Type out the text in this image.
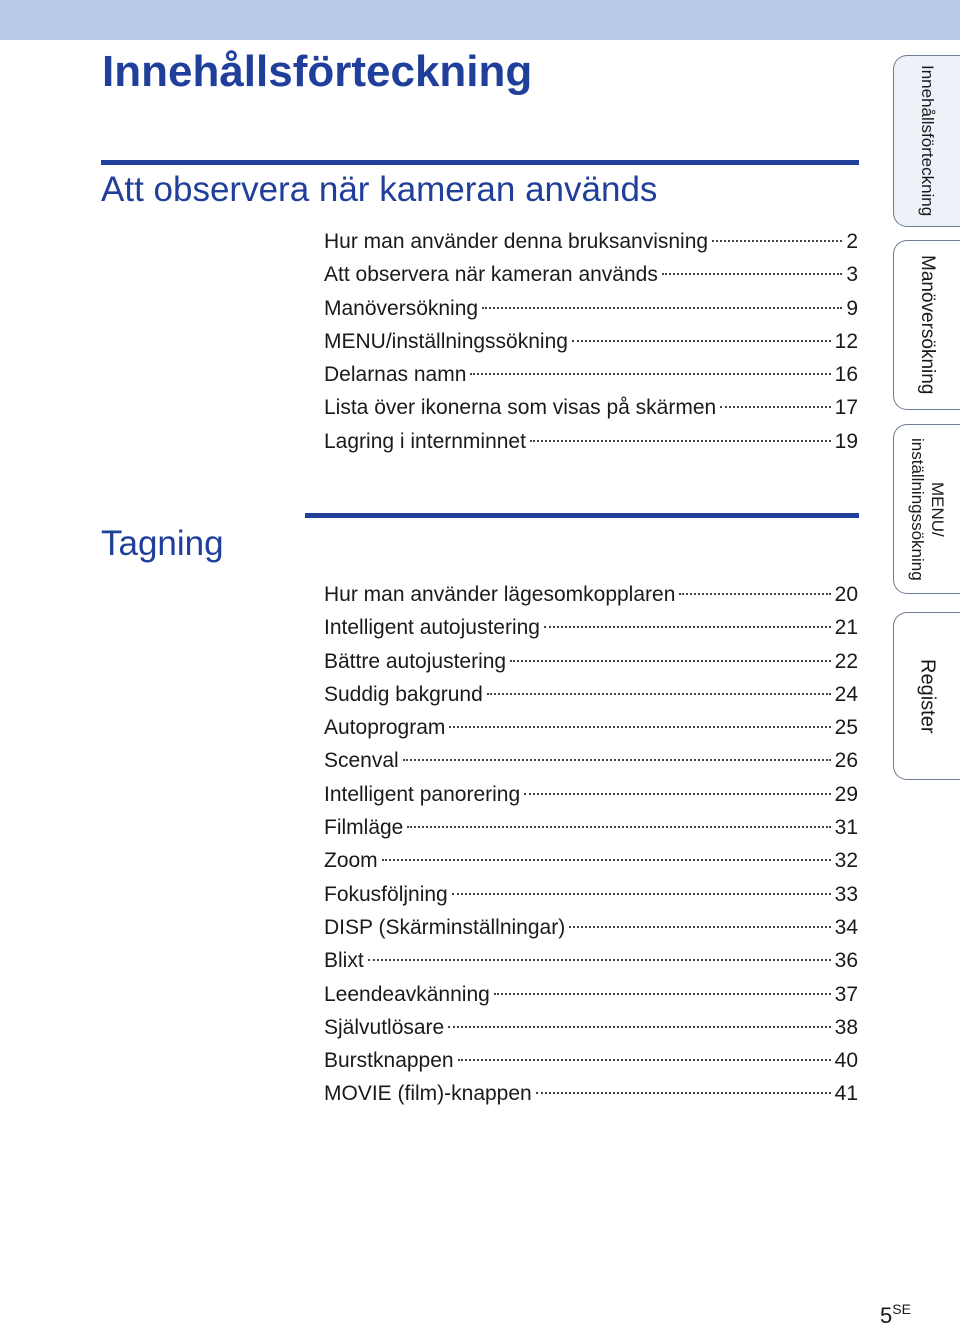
Innehållsförteckning
Att observera när kameran används
Hur man använder denna bruksanvisning	2
Att observera när kameran används	3
Manöversökning	9
MENU/inställningssökning	12
Delarnas namn	16
Lista över ikonerna som visas på skärmen	17
Lagring i internminnet	19
Tagning
Hur man använder lägesomkopplaren	20
Intelligent autojustering	21
Bättre autojustering	22
Suddig bakgrund	24
Autoprogram	25
Scenval	26
Intelligent panorering	29
Filmläge	31
Zoom	32
Fokusföljning	33
DISP (Skärminställningar)	34
Blixt	36
Leendeavkänning	37
Självutlösare	38
Burstknappen	40
MOVIE (film)-knappen	41
Innehållsförteckning
Manöversökning
MENU/
inställningssökning
Register
$5^{SE}$
